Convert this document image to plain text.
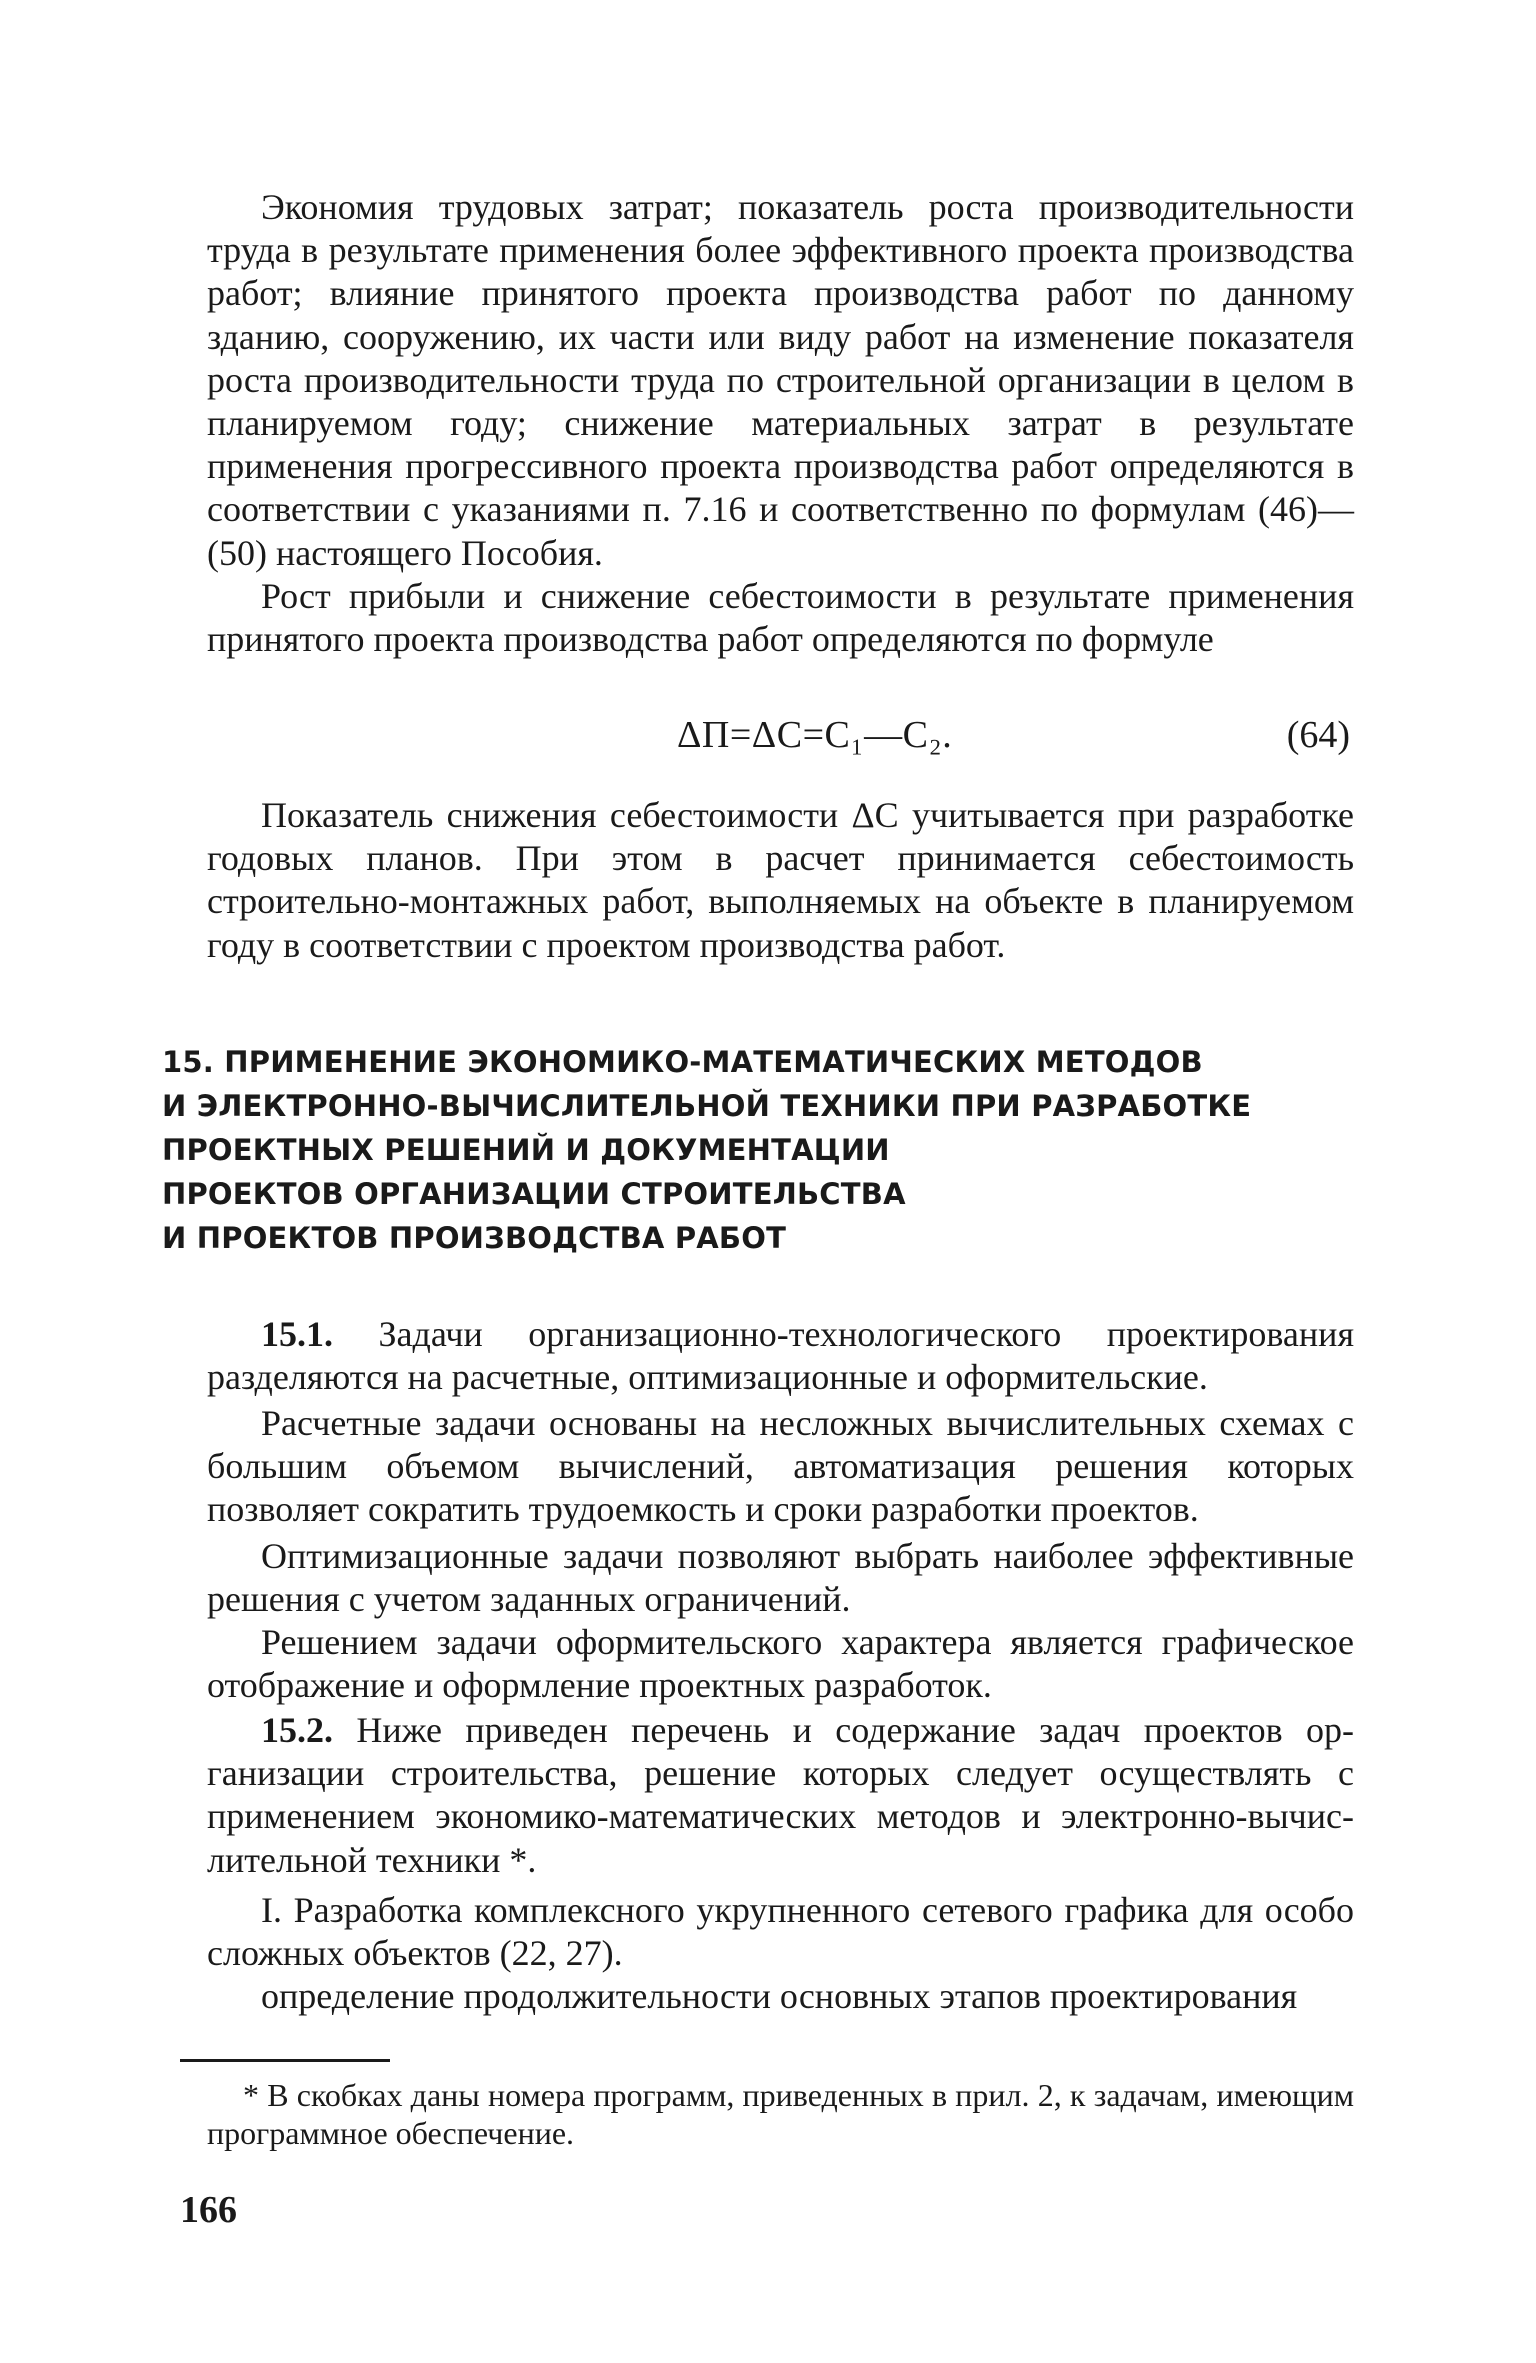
Экономия трудовых затрат; показатель роста производительности труда в результате применения более эффективного проекта производства работ; влияние принятого проекта производства работ по данному зданию, сооружению, их части или виду работ на изменение показателя роста производительности труда по строительной организации в целом в планируемом году; снижение материальных затрат в результате применения прогрессивного проекта производства работ определяются в соответствии с указаниями п. 7.16 и соответственно по формулам (46)—(50) настоящего Пособия.

Рост прибыли и снижение себестоимости в результате применения принятого проекта производства работ определяются по формуле

ΔП=ΔС=С₁—С₂.	(64)

Показатель снижения себестоимости ΔС учитывается при разработке годовых планов. При этом в расчет принимается себестоимость строительно-монтажных работ, выполняемых на объекте в планируемом году в соответствии с проектом производства работ.

15. ПРИМЕНЕНИЕ ЭКОНОМИКО-МАТЕМАТИЧЕСКИХ МЕТОДОВ
И ЭЛЕКТРОННО-ВЫЧИСЛИТЕЛЬНОЙ ТЕХНИКИ ПРИ РАЗРАБОТКЕ
ПРОЕКТНЫХ РЕШЕНИЙ И ДОКУМЕНТАЦИИ
ПРОЕКТОВ ОРГАНИЗАЦИИ СТРОИТЕЛЬСТВА
И ПРОЕКТОВ ПРОИЗВОДСТВА РАБОТ

15.1. Задачи организационно-технологического проектирования разделяются на расчетные, оптимизационные и оформительские.

Расчетные задачи основаны на несложных вычислительных схемах с большим объемом вычислений, автоматизация решения которых позволяет сократить трудоемкость и сроки разработки проектов.

Оптимизационные задачи позволяют выбрать наиболее эффективные решения с учетом заданных ограничений.

Решением задачи оформительского характера является графическое отображение и оформление проектных разработок.

15.2. Ниже приведен перечень и содержание задач проектов организации строительства, решение которых следует осуществлять с применением экономико-математических методов и электронно-вычислительной техники *.

I. Разработка комплексного укрупненного сетевого графика для особо сложных объектов (22, 27).

определение продолжительности основных этапов проектирования

* В скобках даны номера программ, приведенных в прил. 2, к задачам, имеющим программное обеспечение.

166
